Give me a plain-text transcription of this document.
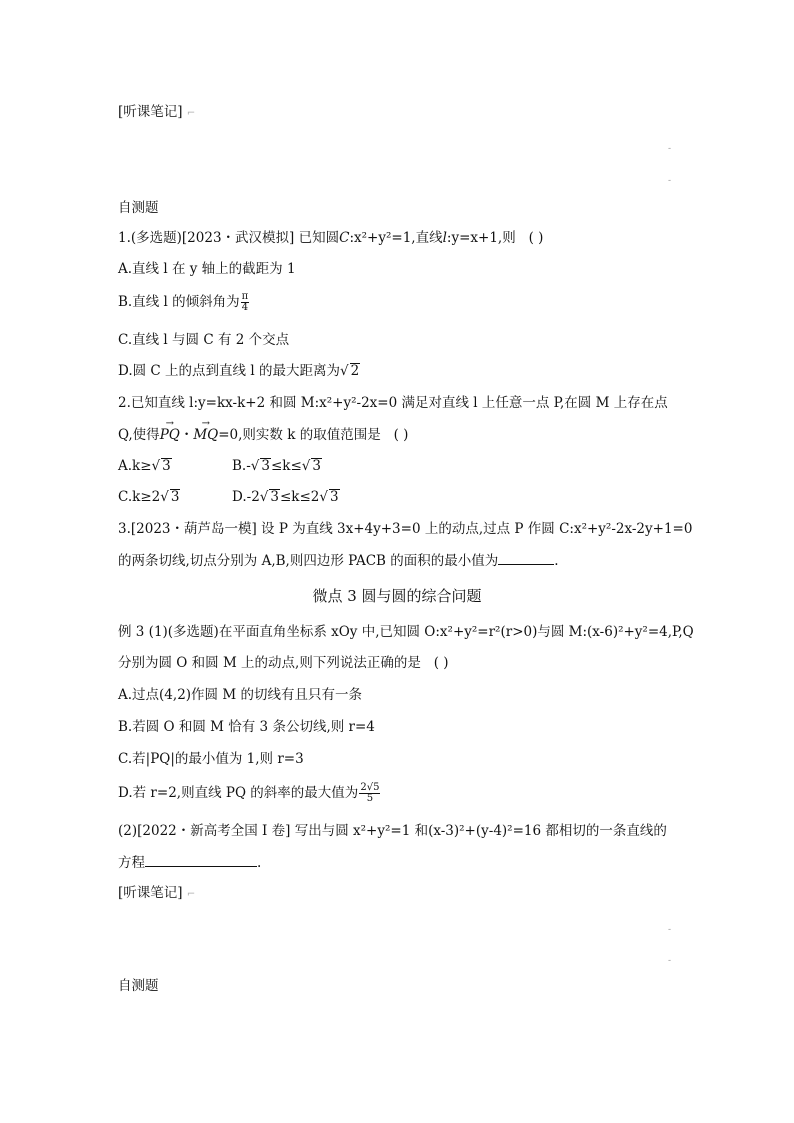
[听课笔记] ⌐
-
-
自测题
1.(多选题)[2023・武汉模拟] 已知圆C:x²+y²=1,直线l:y=x+1,则 ( )
A.直线 l 在 y 轴上的截距为 1
B.直线 l 的倾斜角为 $\frac{\pi}{4}$
C.直线 l 与圆 C 有 2 个交点
D.圆 C 上的点到直线 l 的最大距离为√ 2
2.已知直线 l:y=kx-k+2 和圆 M:x²+y²-2x=0 满足对直线 l 上任意一点 P,在圆 M 上存在点
Q,使得→ PQ・→ MQ=0,则实数 k 的取值范围是 ( )
A.k≥√ 3	B.-√ 3≤k≤√ 3
C.k≥2√ 3	D.-2√ 3≤k≤2√ 3
3.[2023・葫芦岛一模] 设 P 为直线 3x+4y+3=0 上的动点,过点 P 作圆 C:x²+y²-2x-2y+1=0
的两条切线,切点分别为 A,B,则四边形 PACB 的面积的最小值为	.
微点 3 圆与圆的综合问题
例 3 (1)(多选题)在平面直角坐标系 xOy 中,已知圆 O:x²+y²=r²(r>0)与圆 M:(x-6)²+y²=4,P,Q
分别为圆 O 和圆 M 上的动点,则下列说法正确的是 ( )
A.过点(4,2)作圆 M 的切线有且只有一条
B.若圆 O 和圆 M 恰有 3 条公切线,则 r=4
C.若|PQ|的最小值为 1,则 r=3
D.若 r=2,则直线 PQ 的斜率的最大值为 $\frac{2√5}{5}$
(2)[2022・新高考全国 I 卷] 写出与圆 x²+y²=1 和(x-3)²+(y-4)²=16 都相切的一条直线的
方程	.
[听课笔记] ⌐
-
-
自测题
